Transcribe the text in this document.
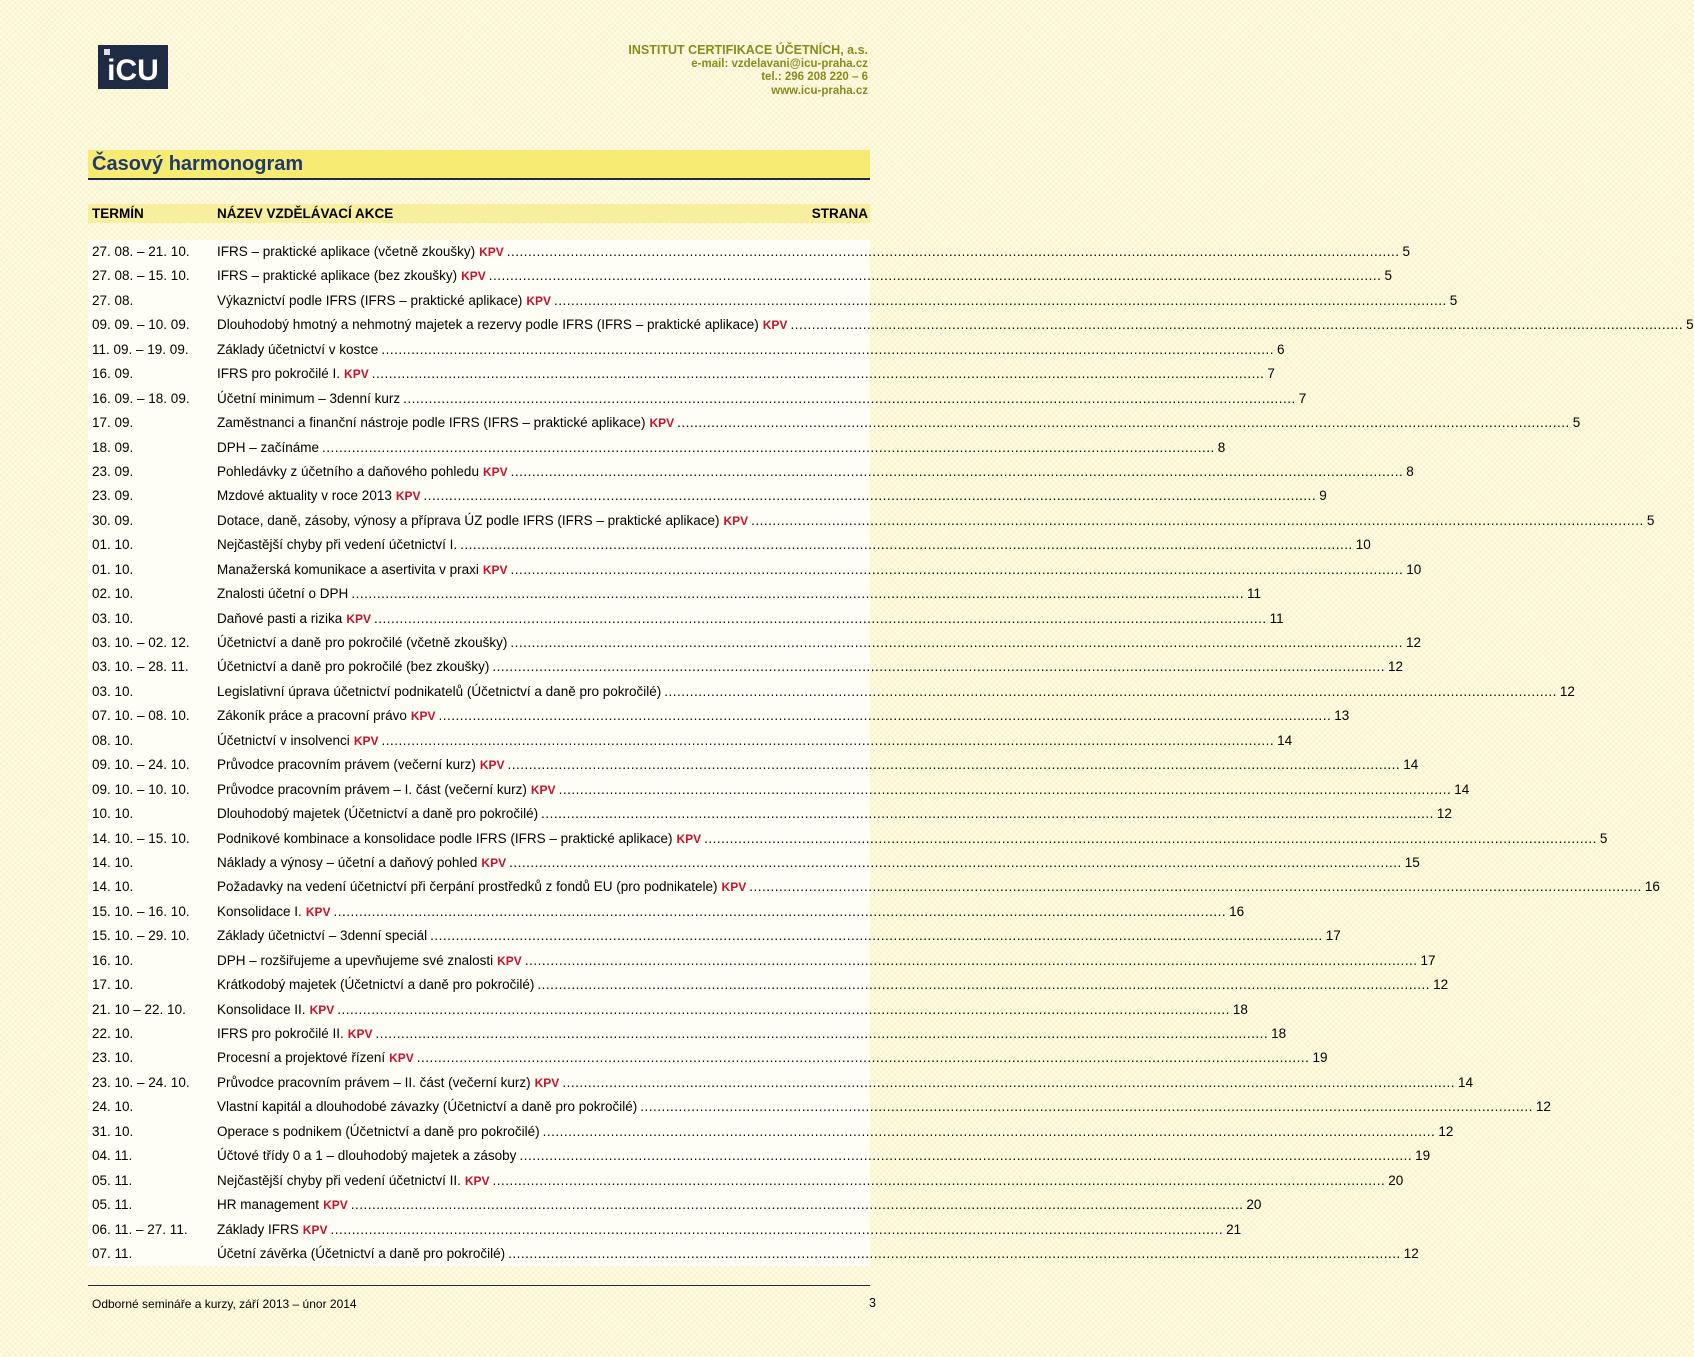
iCU
INSTITUT CERTIFIKACE ÚČETNÍCH, a.s.
e-mail: vzdelavani@icu-praha.cz
tel.: 296 208 220 – 6
www.icu-praha.cz
Časový harmonogram
TERMÍN	NÁZEV VZDĚLÁVACÍ AKCE	STRANA
27. 08. – 21. 10. IFRS – praktické aplikace (včetně zkoušky) KPV .....	5
27. 08. – 15. 10. IFRS – praktické aplikace (bez zkoušky) KPV .....	5
27. 08.	Výkaznictví podle IFRS (IFRS – praktické aplikace) KPV .....	5
09. 09. – 10. 09. Dlouhodobý hmotný a nehmotný majetek a rezervy podle IFRS (IFRS – praktické aplikace) KPV .....	5
11. 09. – 19. 09. Základy účetnictví v kostce .....	6
16. 09.	IFRS pro pokročilé I. KPV .....	7
16. 09. – 18. 09. Účetní minimum – 3denní kurz .....	7
17. 09.	Zaměstnanci a finanční nástroje podle IFRS (IFRS – praktické aplikace) KPV .....	5
18. 09.	DPH – začínáme .....	8
23. 09.	Pohledávky z účetního a daňového pohledu KPV .....	8
23. 09.	Mzdové aktuality v roce 2013 KPV .....	9
30. 09.	Dotace, daně, zásoby, výnosy a příprava ÚZ podle IFRS (IFRS – praktické aplikace) KPV .....	5
01. 10.	Nejčastější chyby při vedení účetnictví I. .....	10
01. 10.	Manažerská komunikace a asertivita v praxi KPV .....	10
02. 10.	Znalosti účetní o DPH .....	11
03. 10.	Daňové pasti a rizika KPV .....	11
03. 10. – 02. 12. Účetnictví a daně pro pokročilé (včetně zkoušky) .....	12
03. 10. – 28. 11. Účetnictví a daně pro pokročilé (bez zkoušky) .....	12
03. 10.	Legislativní úprava účetnictví podnikatelů (Účetnictví a daně pro pokročilé) .....	12
07. 10. – 08. 10. Zákoník práce a pracovní právo KPV .....	13
08. 10.	Účetnictví v insolvenci KPV .....	14
09. 10. – 24. 10. Průvodce pracovním právem (večerní kurz) KPV .....	14
09. 10. – 10. 10. Průvodce pracovním právem – I. část (večerní kurz) KPV .....	14
10. 10.	Dlouhodobý majetek (Účetnictví a daně pro pokročilé) .....	12
14. 10. – 15. 10. Podnikové kombinace a konsolidace podle IFRS (IFRS – praktické aplikace) KPV .....	5
14. 10.	Náklady a výnosy – účetní a daňový pohled KPV .....	15
14. 10.	Požadavky na vedení účetnictví při čerpání prostředků z fondů EU (pro podnikatele) KPV .....	16
15. 10. – 16. 10. Konsolidace I. KPV .....	16
15. 10. – 29. 10. Základy účetnictví – 3denní speciál .....	17
16. 10.	DPH – rozšiřujeme a upevňujeme své znalosti KPV .....	17
17. 10.	Krátkodobý majetek (Účetnictví a daně pro pokročilé) .....	12
21. 10 – 22. 10. Konsolidace II. KPV .....	18
22. 10.	IFRS pro pokročilé II. KPV .....	18
23. 10.	Procesní a projektové řízení KPV .....	19
23. 10. – 24. 10. Průvodce pracovním právem – II. část (večerní kurz) KPV .....	14
24. 10.	Vlastní kapitál a dlouhodobé závazky (Účetnictví a daně pro pokročilé) .....	12
31. 10.	Operace s podnikem (Účetnictví a daně pro pokročilé) .....	12
04. 11.	Účtové třídy 0 a 1 – dlouhodobý majetek a zásoby .....	19
05. 11.	Nejčastější chyby při vedení účetnictví II. KPV .....	20
05. 11.	HR management KPV .....	20
06. 11. – 27. 11. Základy IFRS KPV .....	21
07. 11.	Účetní závěrka (Účetnictví a daně pro pokročilé) .....	12
Odborné semináře a kurzy, září 2013 – únor 2014	3
